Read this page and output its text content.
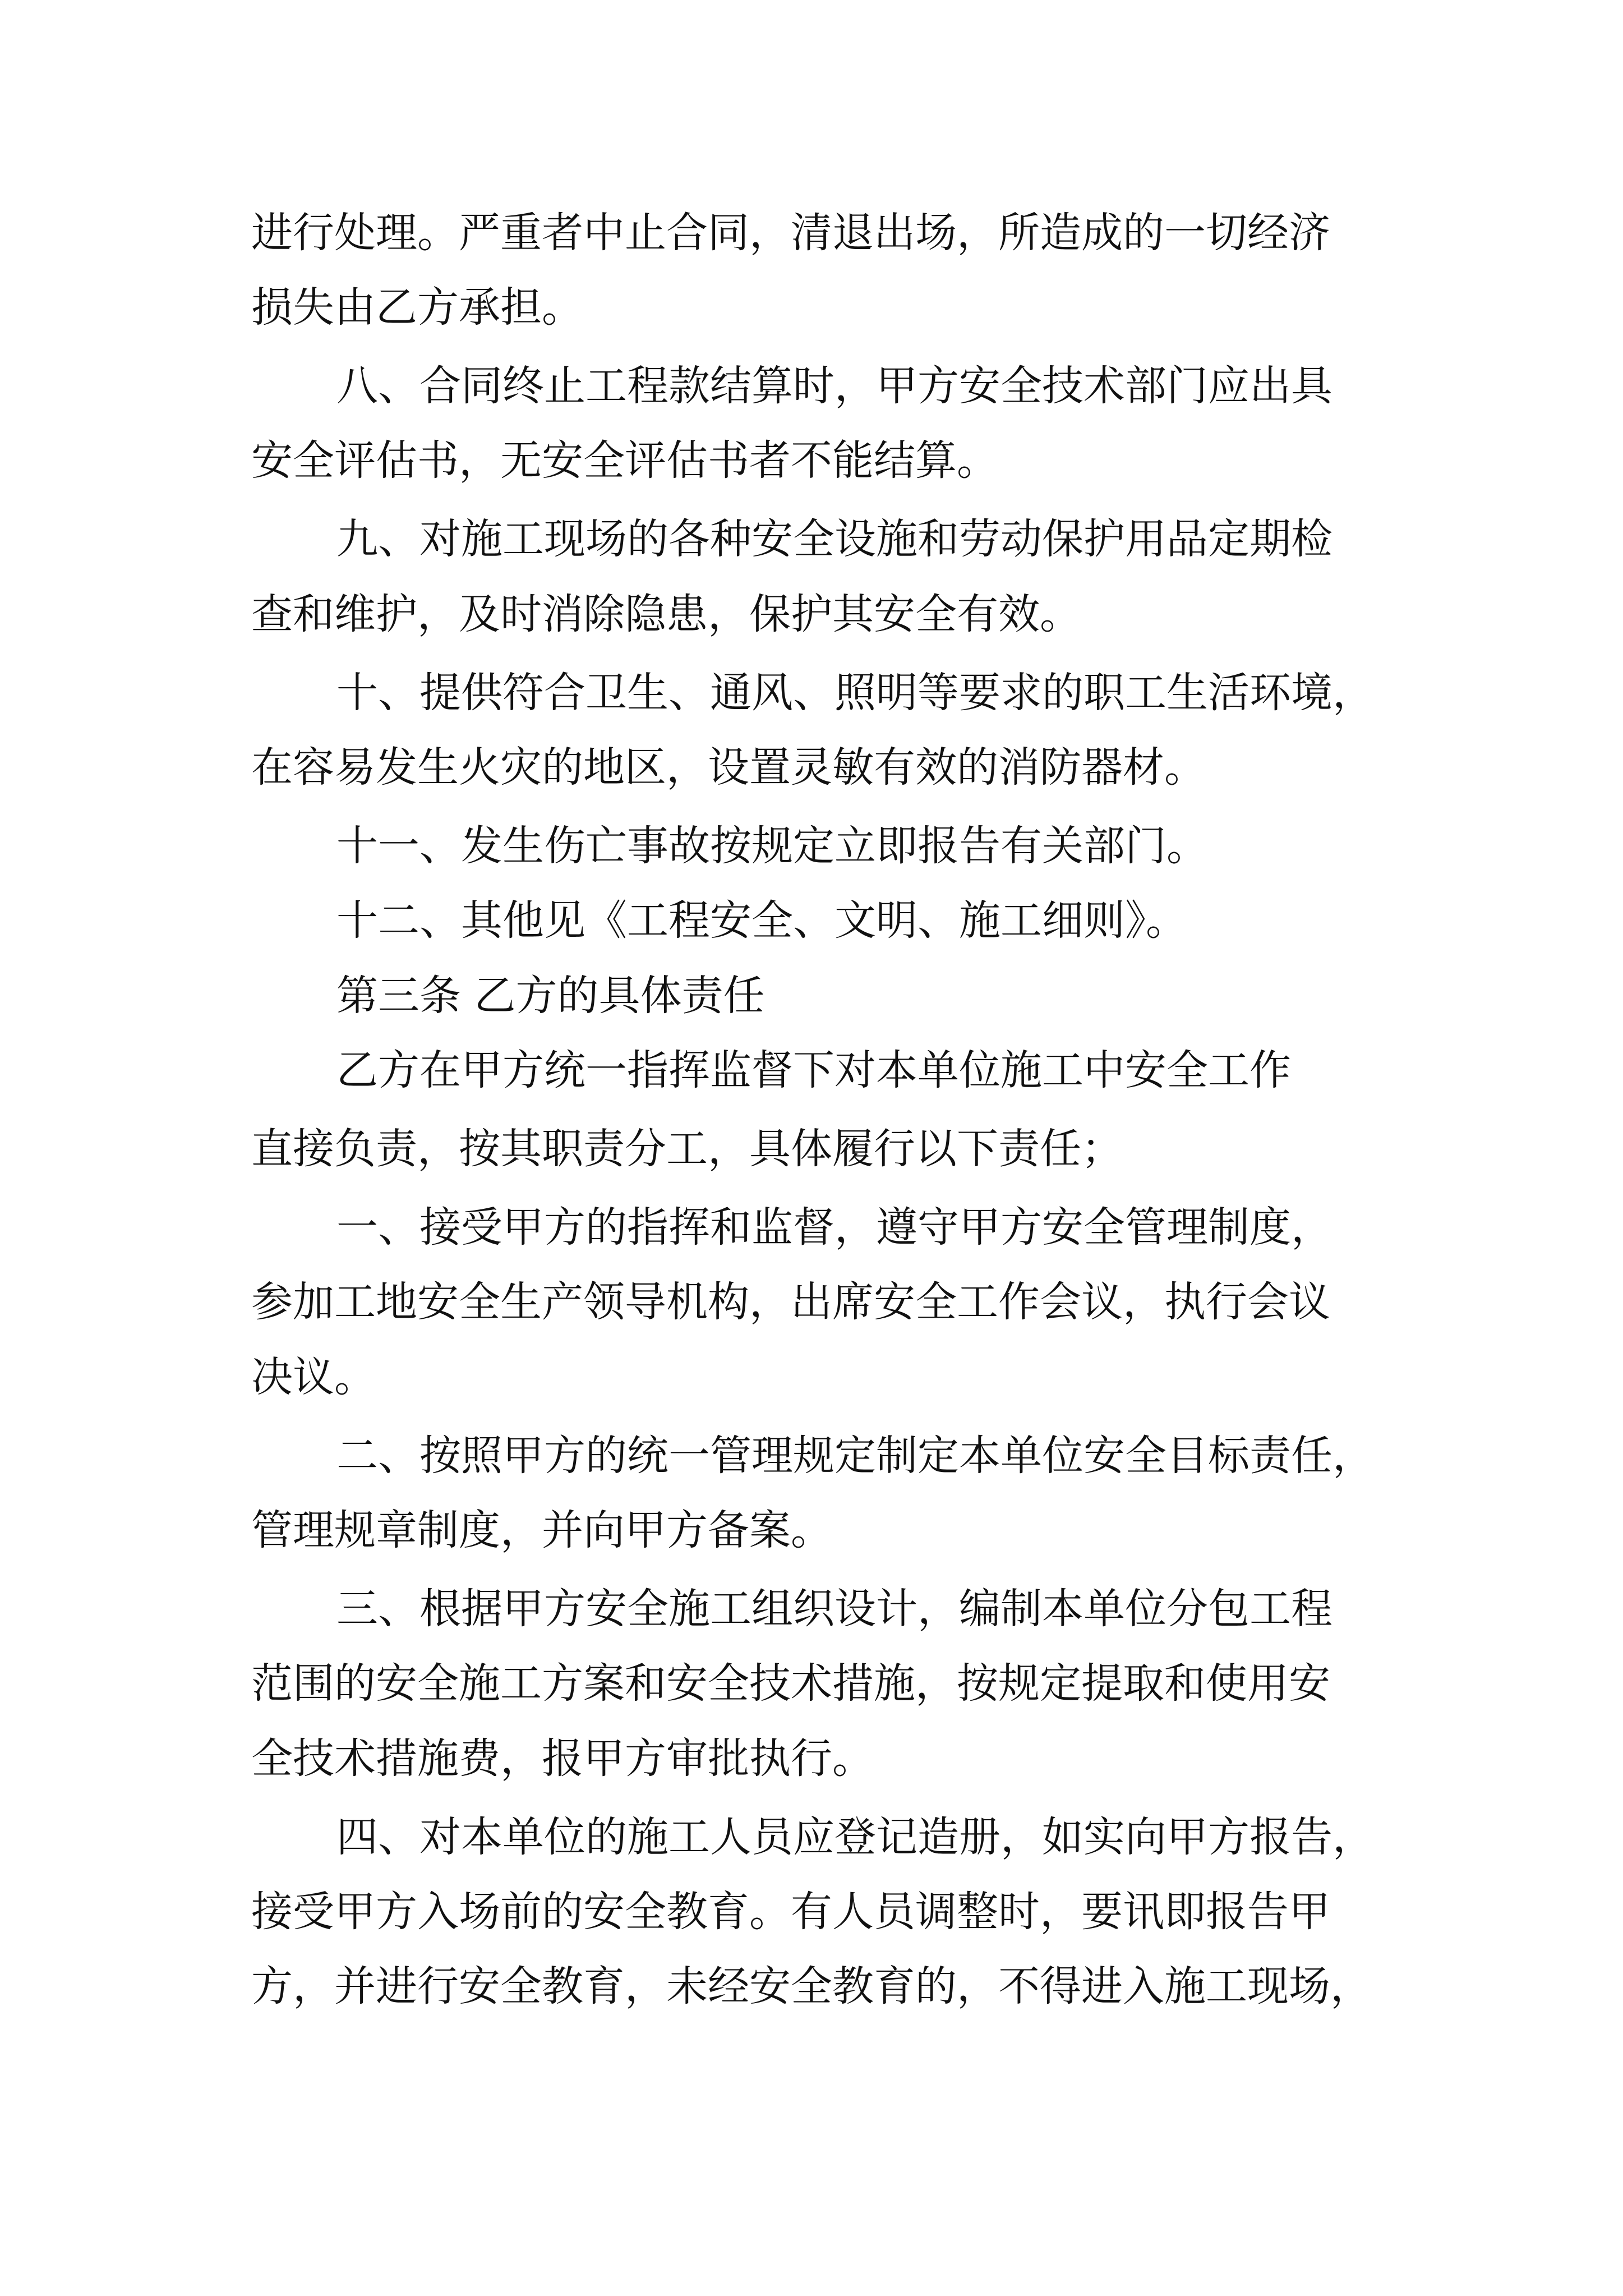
进行处理。严重者中止合同，清退出场，所造成的一切经济
损失由乙方承担。
八、合同终止工程款结算时，甲方安全技术部门应出具
安全评估书，无安全评估书者不能结算。
九、对施工现场的各种安全设施和劳动保护用品定期检
查和维护，及时消除隐患，保护其安全有效。
十、提供符合卫生、通风、照明等要求的职工生活环境，
在容易发生火灾的地区，设置灵敏有效的消防器材。
十一、发生伤亡事故按规定立即报告有关部门。
十二、其他见《工程安全、文明、施工细则》。
第三条 乙方的具体责任
乙方在甲方统一指挥监督下对本单位施工中安全工作
直接负责，按其职责分工，具体履行以下责任；
一、接受甲方的指挥和监督，遵守甲方安全管理制度，
参加工地安全生产领导机构，出席安全工作会议，执行会议
决议。
二、按照甲方的统一管理规定制定本单位安全目标责任，
管理规章制度，并向甲方备案。
三、根据甲方安全施工组织设计，编制本单位分包工程
范围的安全施工方案和安全技术措施，按规定提取和使用安
全技术措施费，报甲方审批执行。
四、对本单位的施工人员应登记造册，如实向甲方报告，
接受甲方入场前的安全教育。有人员调整时，要讯即报告甲
方，并进行安全教育，未经安全教育的，不得进入施工现场，
